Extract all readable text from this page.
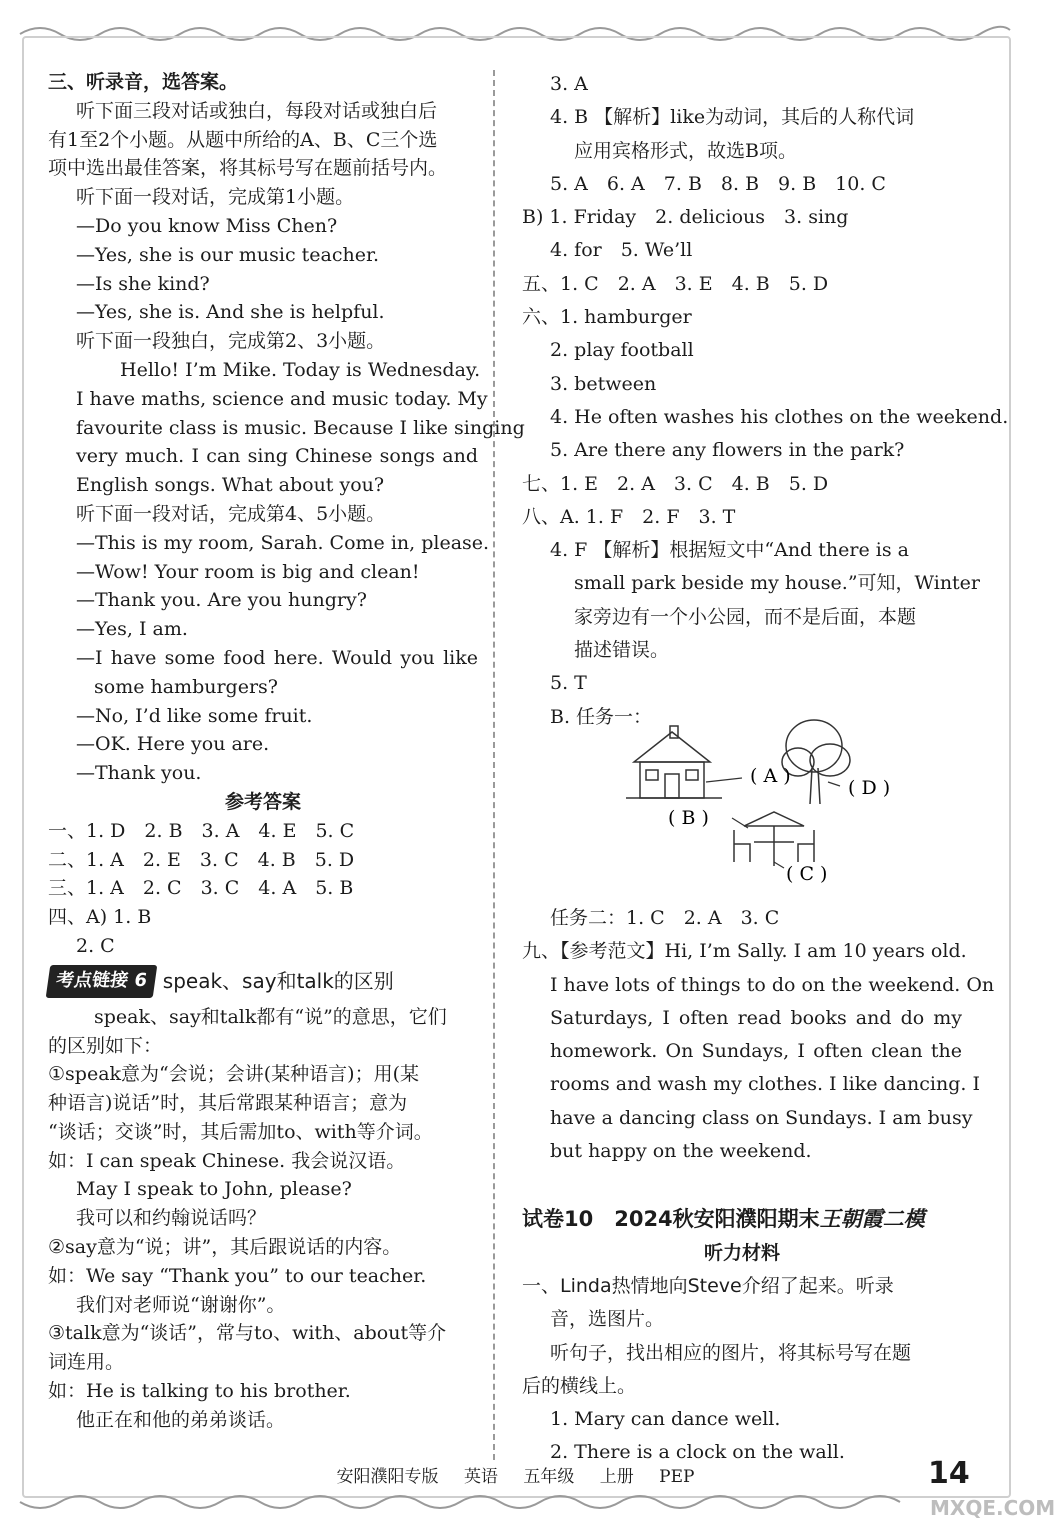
三、听录音，选答案。
听下面三段对话或独白，每段对话或独白后
有1至2个小题。从题中所给的A、B、C三个选
项中选出最佳答案，将其标号写在题前括号内。
听下面一段对话，完成第1小题。
—Do you know Miss Chen?
—Yes, she is our music teacher.
—Is she kind?
—Yes, she is. And she is helpful.
听下面一段独白，完成第2、3小题。
Hello! I’m Mike. Today is Wednesday.
I have maths, science and music today. My
favourite class is music. Because I like singing
very much. I can sing Chinese songs and
English songs. What about you?
听下面一段对话，完成第4、5小题。
—This is my room, Sarah. Come in, please.
—Wow! Your room is big and clean!
—Thank you. Are you hungry?
—Yes, I am.
—I have some food here. Would you like
some hamburgers?
—No, I’d like some fruit.
—OK. Here you are.
—Thank you.
参考答案
一、1. D　2. B　3. A　4. E　5. C
二、1. A　2. E　3. C　4. B　5. D
三、1. A　2. C　3. C　4. A　5. B
四、A) 1. B
2. C
考点链接 6 speak、say和talk的区别
speak、say和talk都有“说”的意思，它们
的区别如下：
①speak意为“会说；会讲(某种语言)；用(某
种语言)说话”时，其后常跟某种语言；意为
“谈话；交谈”时，其后需加to、with等介词。
如：I can speak Chinese. 我会说汉语。
May I speak to John, please?
我可以和约翰说话吗？
②say意为“说；讲”，其后跟说话的内容。
如：We say “Thank you” to our teacher.
我们对老师说“谢谢你”。
③talk意为“谈话”，常与to、with、about等介
词连用。
如：He is talking to his brother.
他正在和他的弟弟谈话。
3. A
4. B 【解析】like为动词，其后的人称代词
应用宾格形式，故选B项。
5. A　6. A　7. B　8. B　9. B　10. C
B) 1. Friday　2. delicious　3. sing
4. for　5. We’ll
五、1. C　2. A　3. E　4. B　5. D
六、1. hamburger
2. play football
3. between
4. He often washes his clothes on the weekend.
5. Are there any flowers in the park?
七、1. E　2. A　3. C　4. B　5. D
八、A. 1. F　2. F　3. T
4. F 【解析】根据短文中“And there is a
small park beside my house.”可知，Winter
家旁边有一个小公园，而不是后面，本题
描述错误。
5. T
B. 任务一：
( A )
( D )
( B )
( C )
任务二：1. C　2. A　3. C
九、【参考范文】Hi, I’m Sally. I am 10 years old.
I have lots of things to do on the weekend. On
Saturdays, I often read books and do my
homework. On Sundays, I often clean the
rooms and wash my clothes. I like dancing. I
have a dancing class on Sundays. I am busy
but happy on the weekend.
试卷10　2024秋安阳濮阳期末王朝霞二模
听力材料
一、Linda热情地向Steve介绍了起来。听录
音，选图片。
听句子，找出相应的图片，将其标号写在题
后的横线上。
1. Mary can dance well.
2. There is a clock on the wall.
安阳濮阳专版 英语 五年级 上册 PEP	14
MXQE.COM
